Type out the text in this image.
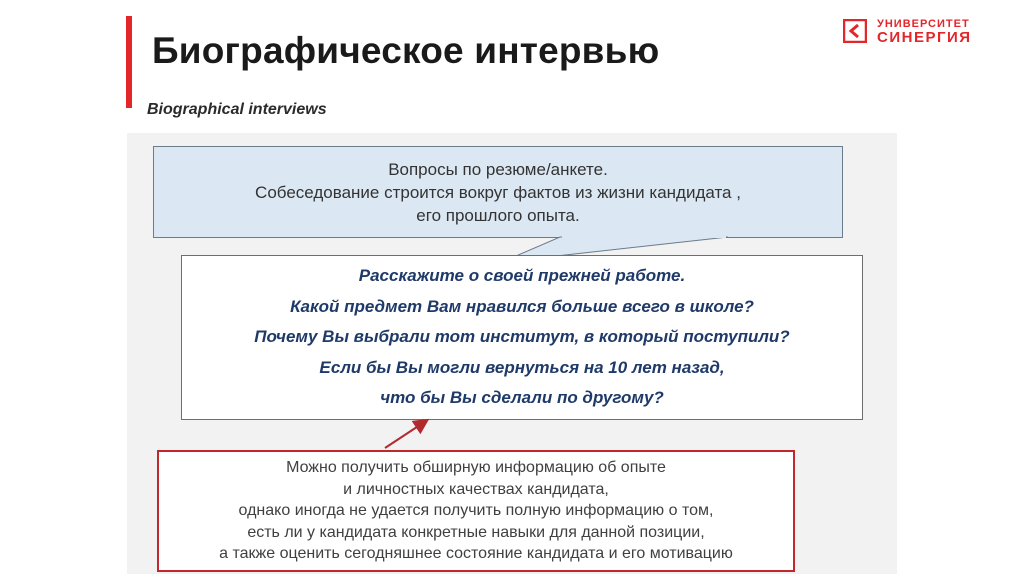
Биографическое интервью
Biographical interviews
УНИВЕРСИТЕТ
СИНЕРГИЯ
Вопросы по резюме/анкете.
Собеседование строится вокруг фактов из жизни кандидата ,
его прошлого опыта.
Расскажите о своей прежней работе.
Какой предмет Вам нравился больше всего в школе?
Почему Вы выбрали тот институт, в который поступили?
Если бы Вы могли вернуться на 10 лет назад,
что бы Вы сделали по другому?
Можно получить обширную информацию об опыте
и личностных качествах кандидата,
однако иногда не удается получить полную информацию о том,
есть ли у кандидата конкретные навыки для данной позиции,
а также оценить сегодняшнее состояние кандидата и его мотивацию
